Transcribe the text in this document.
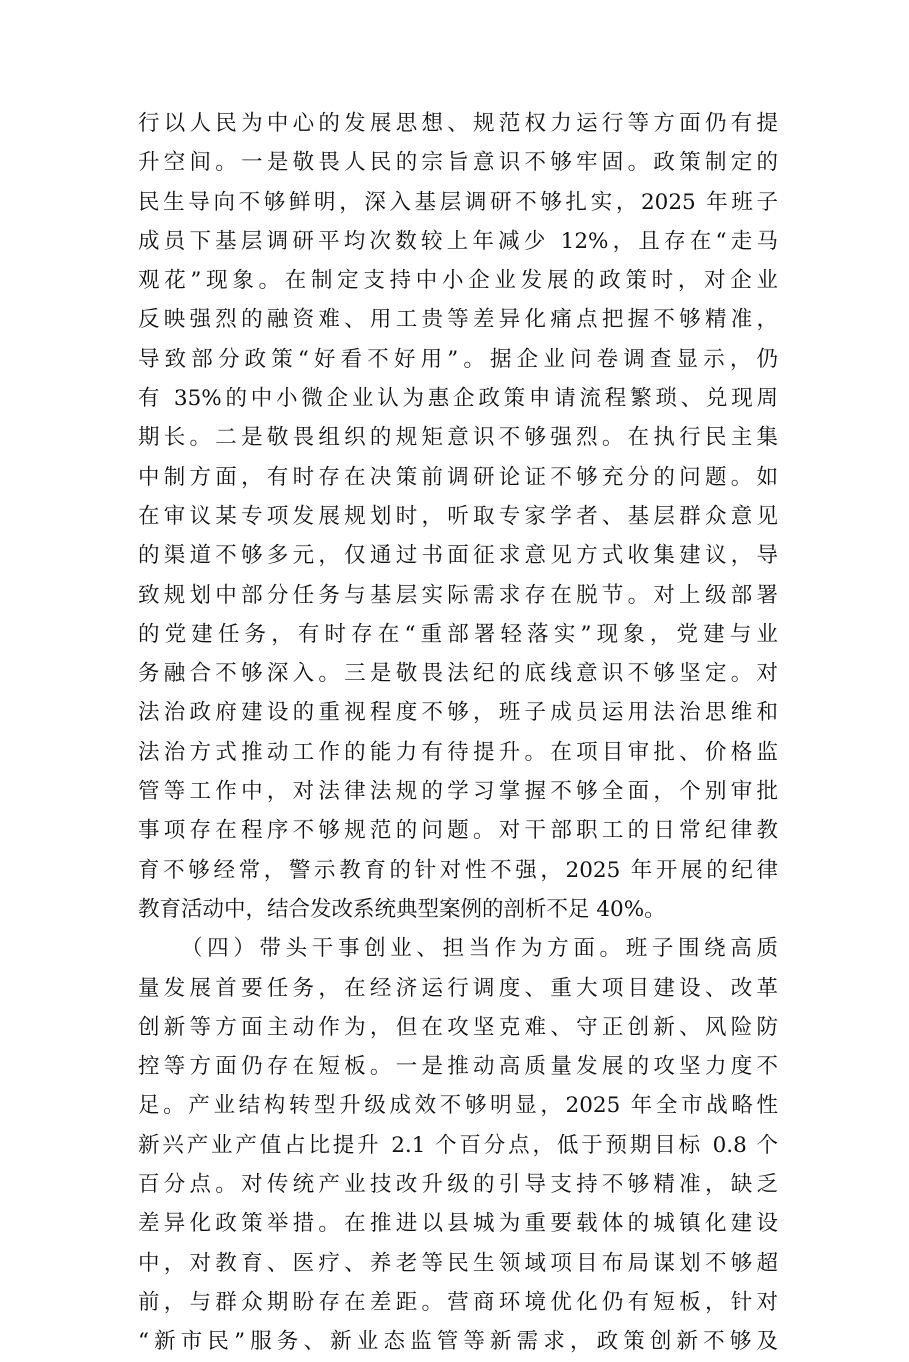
行以人民为中心的发展思想、规范权力运行等方面仍有提
升空间。一是敬畏人民的宗旨意识不够牢固。政策制定的
民生导向不够鲜明，深入基层调研不够扎实，2025 年班子
成员下基层调研平均次数较上年减少 12%，且存在“走马
观花”现象。在制定支持中小企业发展的政策时，对企业
反映强烈的融资难、用工贵等差异化痛点把握不够精准，
导致部分政策“好看不好用”。据企业问卷调查显示，仍
有 35%的中小微企业认为惠企政策申请流程繁琐、兑现周
期长。二是敬畏组织的规矩意识不够强烈。在执行民主集
中制方面，有时存在决策前调研论证不够充分的问题。如
在审议某专项发展规划时，听取专家学者、基层群众意见
的渠道不够多元，仅通过书面征求意见方式收集建议，导
致规划中部分任务与基层实际需求存在脱节。对上级部署
的党建任务，有时存在“重部署轻落实”现象，党建与业
务融合不够深入。三是敬畏法纪的底线意识不够坚定。对
法治政府建设的重视程度不够，班子成员运用法治思维和
法治方式推动工作的能力有待提升。在项目审批、价格监
管等工作中，对法律法规的学习掌握不够全面，个别审批
事项存在程序不够规范的问题。对干部职工的日常纪律教
育不够经常，警示教育的针对性不强，2025 年开展的纪律
教育活动中，结合发改系统典型案例的剖析不足 40%。
（四）带头干事创业、担当作为方面。班子围绕高质
量发展首要任务，在经济运行调度、重大项目建设、改革
创新等方面主动作为，但在攻坚克难、守正创新、风险防
控等方面仍存在短板。一是推动高质量发展的攻坚力度不
足。产业结构转型升级成效不够明显，2025 年全市战略性
新兴产业产值占比提升 2.1 个百分点，低于预期目标 0.8 个
百分点。对传统产业技改升级的引导支持不够精准，缺乏
差异化政策举措。在推进以县城为重要载体的城镇化建设
中，对教育、医疗、养老等民生领域项目布局谋划不够超
前，与群众期盼存在差距。营商环境优化仍有短板，针对
“新市民”服务、新业态监管等新需求，政策创新不够及
